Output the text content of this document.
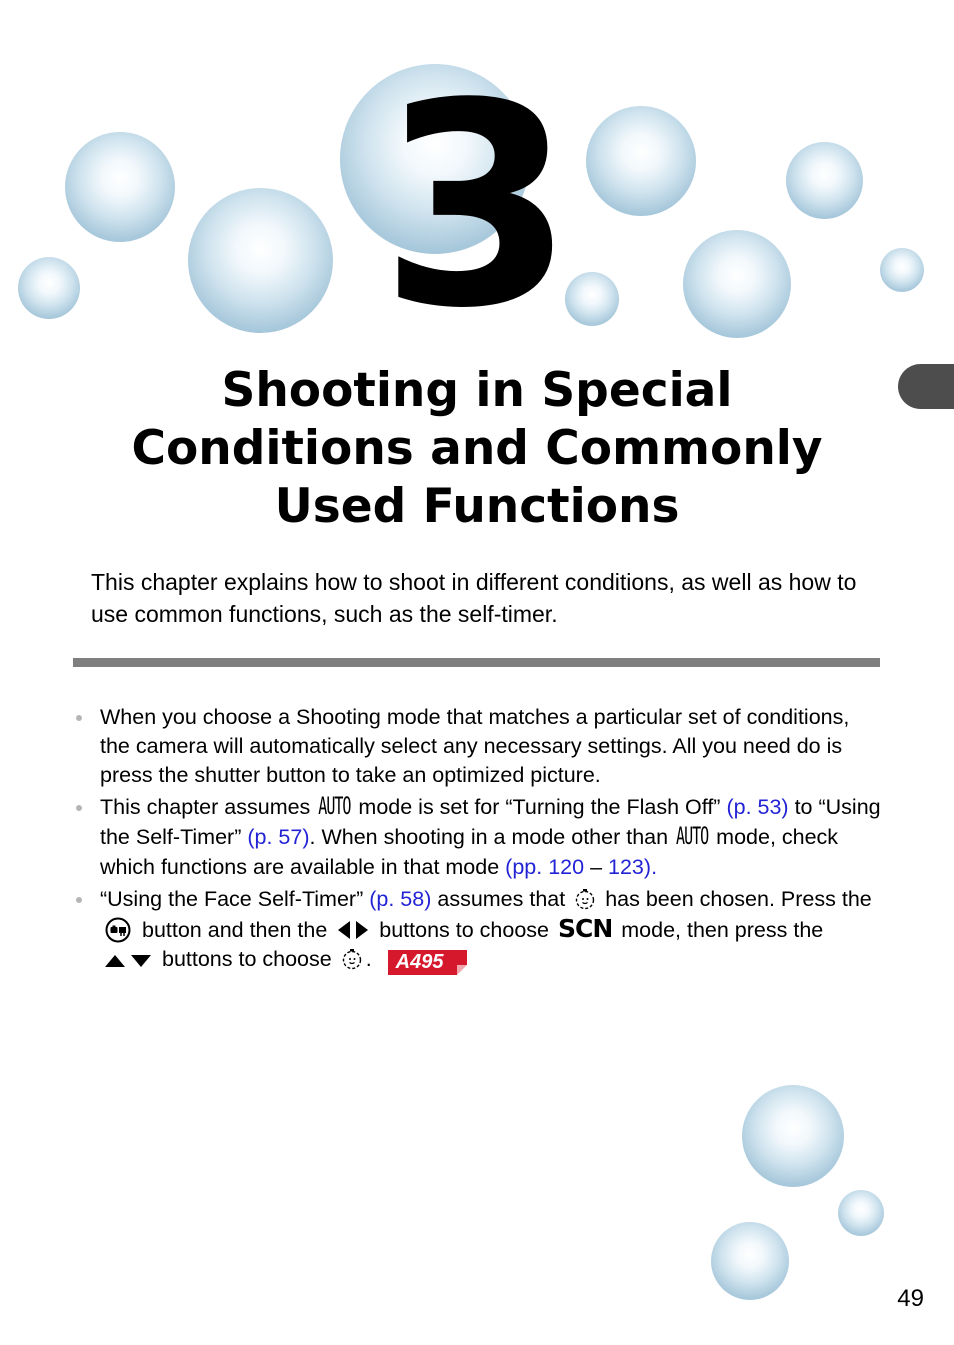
3
Shooting in Special
Conditions and Commonly
Used Functions

This chapter explains how to shoot in different conditions, as well as how to use common functions, such as the self-timer.

When you choose a Shooting mode that matches a particular set of conditions, the camera will automatically select any necessary settings. All you need do is press the shutter button to take an optimized picture.
This chapter assumes AUTO mode is set for “Turning the Flash Off” (p. 53) to “Using the Self-Timer” (p. 57). When shooting in a mode other than AUTO mode, check which functions are available in that mode (pp. 120 – 123).
“Using the Face Self-Timer” (p. 58) assumes that has been chosen. Press the  button and then the buttons to choose SCN mode, then press the  buttons to choose . A495
49
